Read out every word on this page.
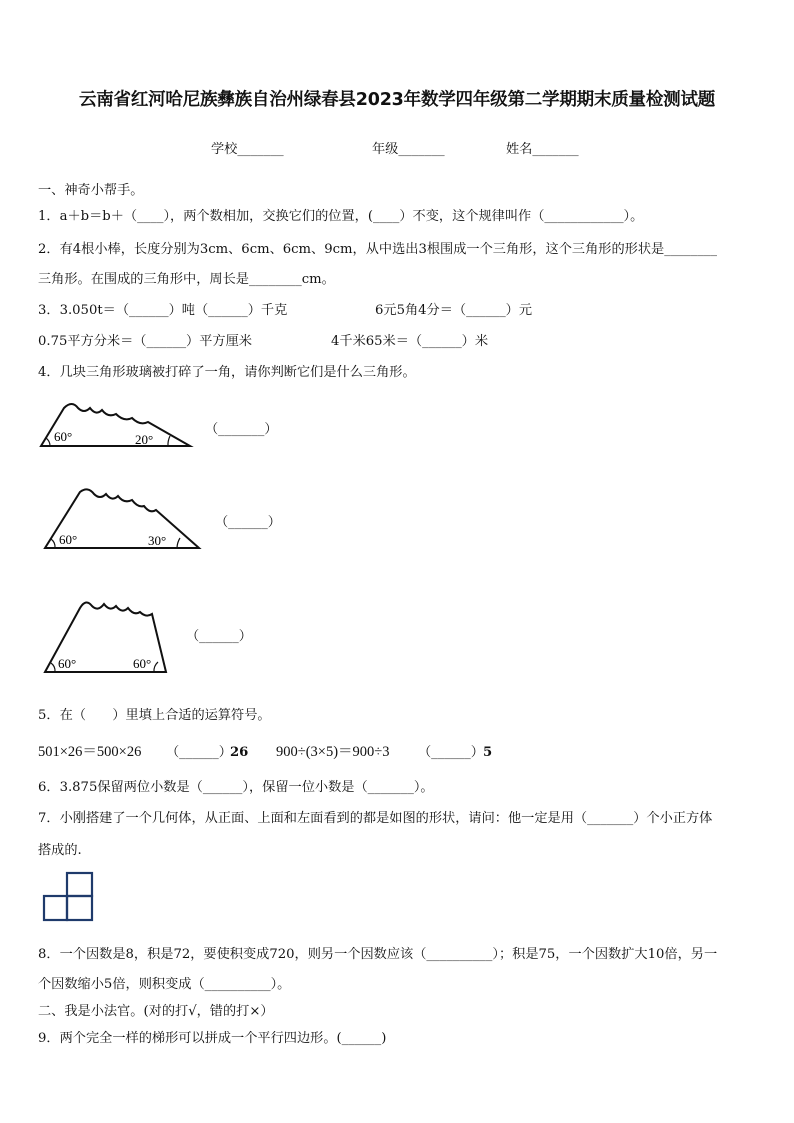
云南省红河哈尼族彝族自治州绿春县2023年数学四年级第二学期期末质量检测试题
学校_______	年级_______	姓名_______
一、神奇小帮手。
1．a＋b＝b＋（____），两个数相加，交换它们的位置，(____）不变，这个规律叫作（____________）。
2．有4根小棒，长度分别为3cm、6cm、6cm、9cm，从中选出3根围成一个三角形，这个三角形的形状是________
三角形。在围成的三角形中，周长是________cm。
3．3.050t＝（______）吨（______）千克	6元5角4分＝（______）元
0.75平方分米＝（______）平方厘米	4千米65米＝（______）米
4．几块三角形玻璃被打碎了一角，请你判断它们是什么三角形。
60°	20°
（_______）
60°	30°
（______）
60°	60°
（______）
5．在（　　）里填上合适的运算符号。
501×26＝500×26 （______）
26 900÷(3×5)＝900÷3 （______） 5
6．3.875保留两位小数是（______），保留一位小数是（_______）。
7．小刚搭建了一个几何体，从正面、上面和左面看到的都是如图的形状，请问：他一定是用（_______）个小正方体
搭成的.
8．一个因数是8，积是72，要使积变成720，则另一个因数应该（__________）；积是75，一个因数扩大10倍，另一
个因数缩小5倍，则积变成（__________）。
二、我是小法官。(对的打√，错的打×）
9．两个完全一样的梯形可以拼成一个平行四边形。(______)
